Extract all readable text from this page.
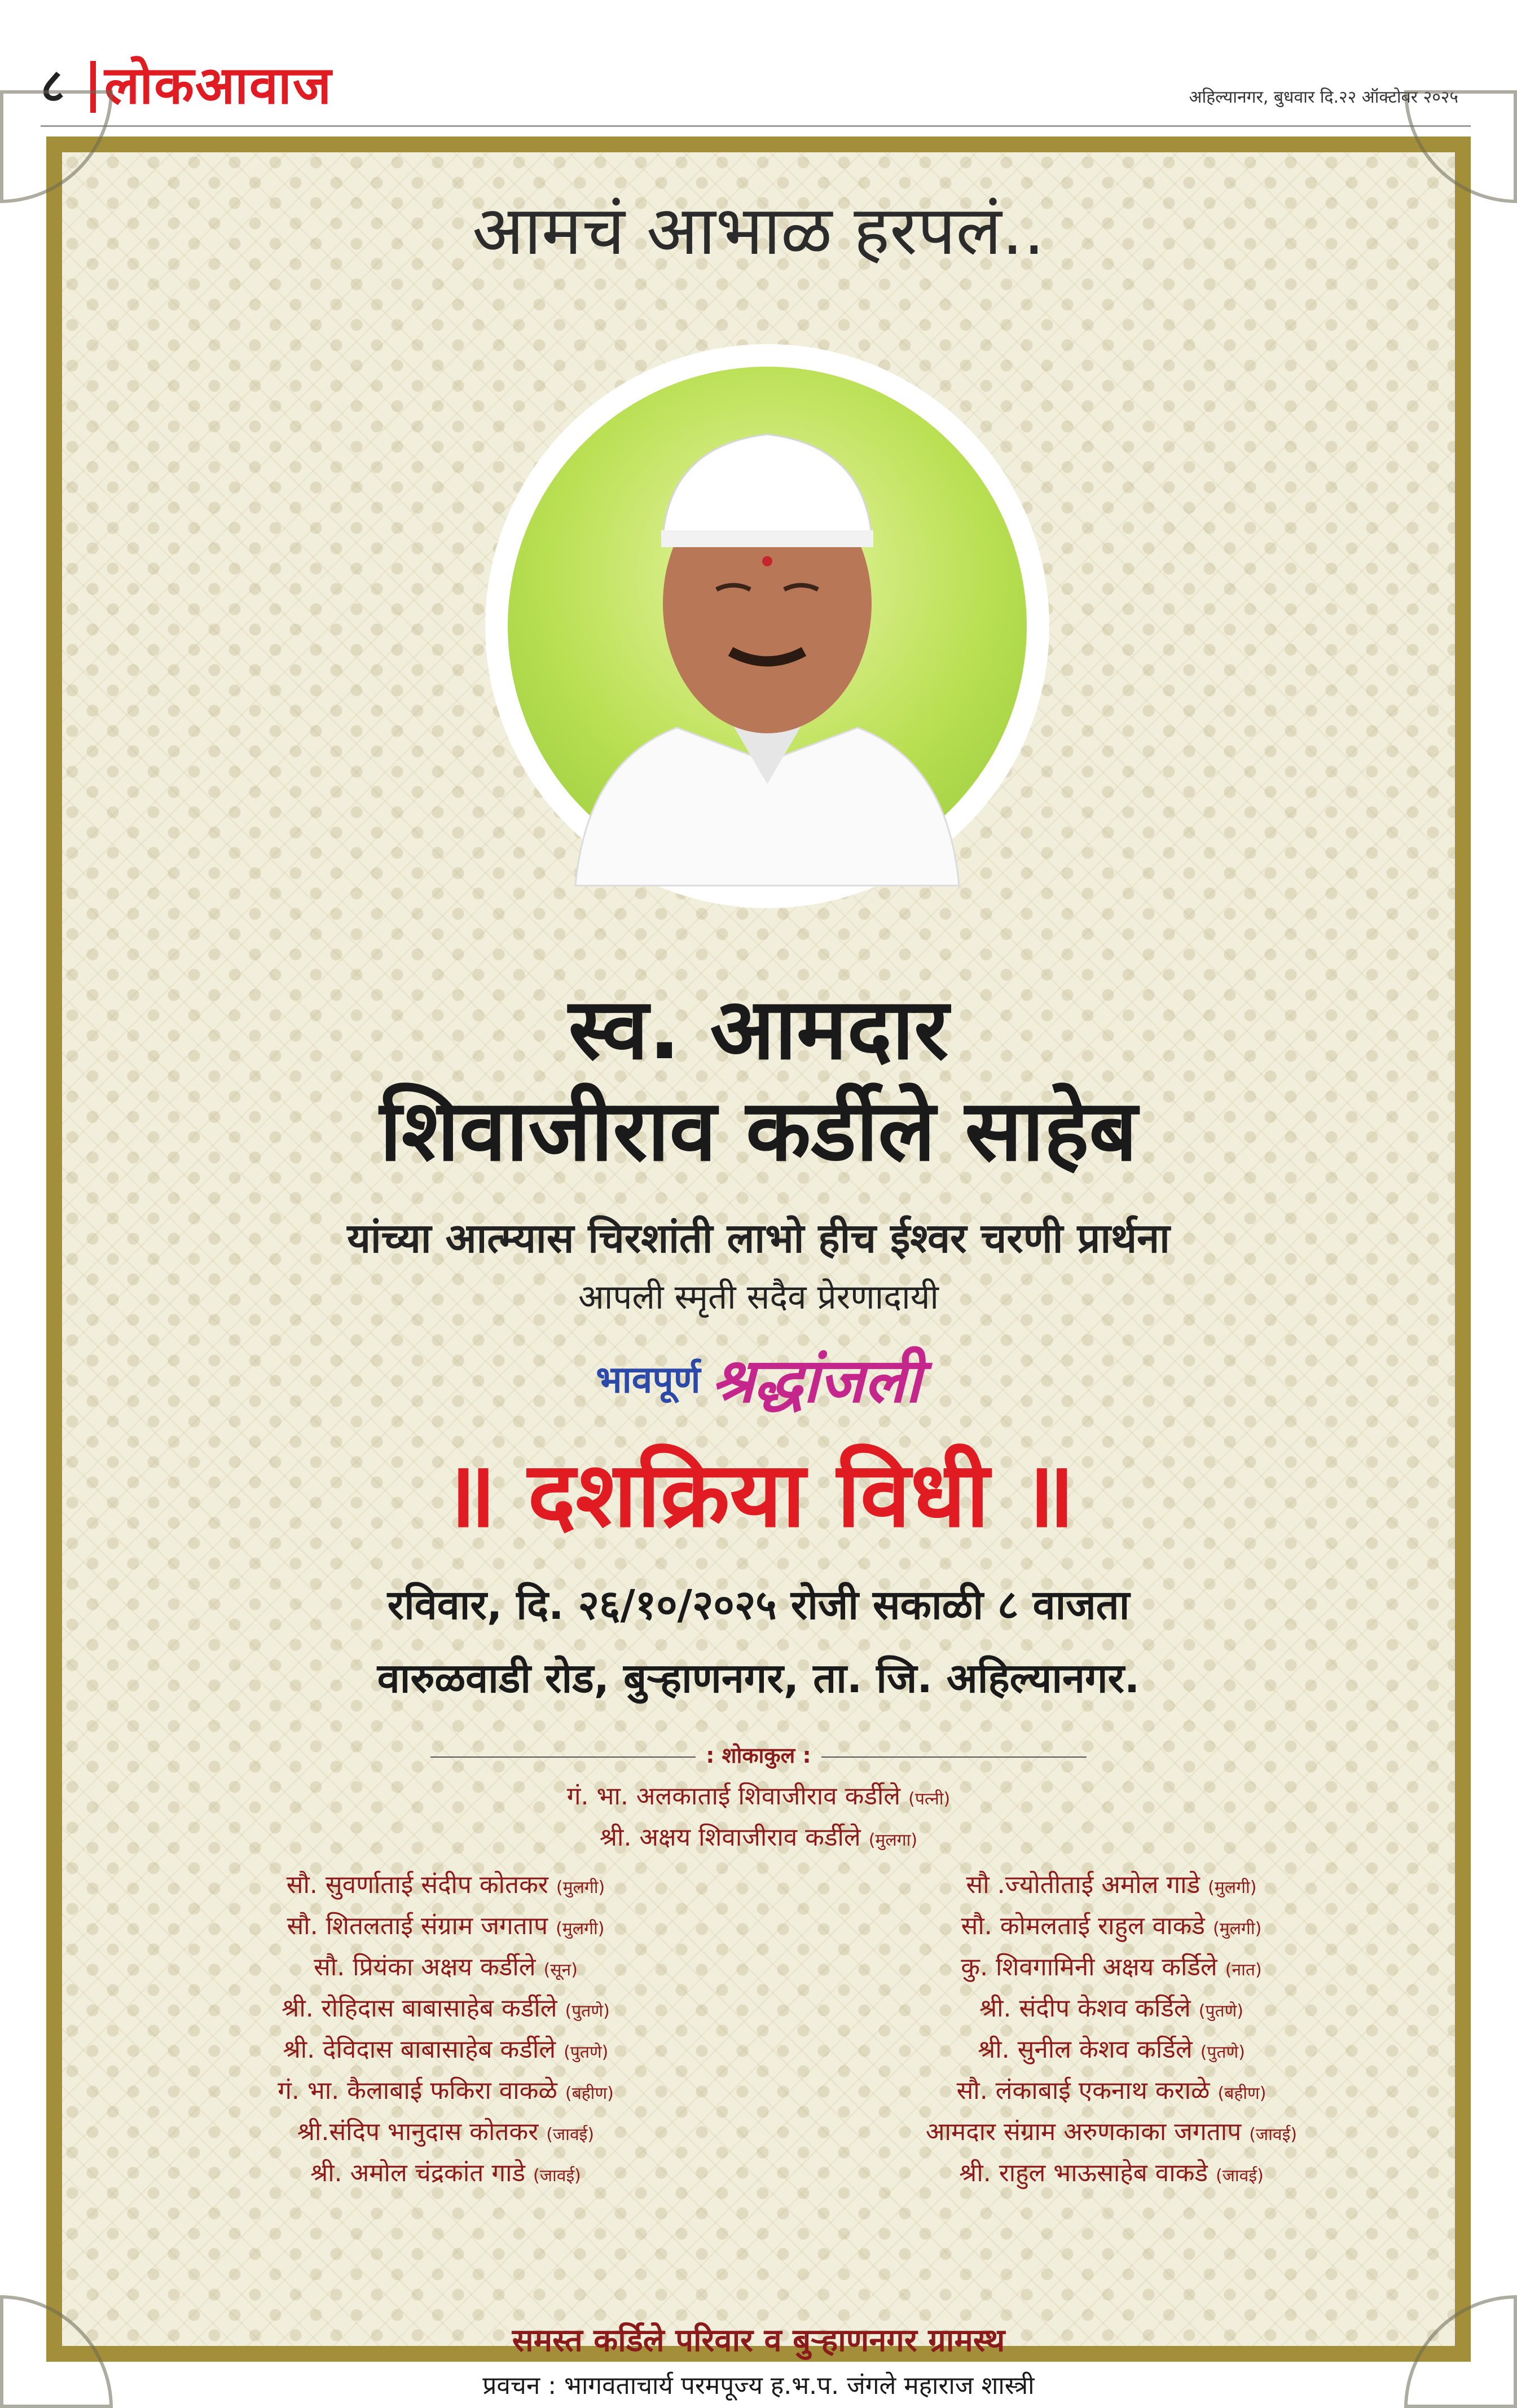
८ लोकआवाज	अहिल्यानगर, बुधवार दि.२२ ऑक्टोबर २०२५
आमचं आभाळ हरपलं..
स्व. आमदार
शिवाजीराव कर्डीले साहेब
यांच्या आत्म्यास चिरशांती लाभो हीच ईश्वर चरणी प्रार्थना
आपली स्मृती सदैव प्रेरणादायी
भावपूर्ण श्रद्धांजली
॥ दशक्रिया विधी ॥
रविवार, दि. २६/१०/२०२५ रोजी सकाळी ८ वाजता
वारुळवाडी रोड, बुऱ्हाणनगर, ता. जि. अहिल्यानगर.
: शोकाकुल :
गं. भा. अलकाताई शिवाजीराव कर्डीले (पत्नी)
श्री. अक्षय शिवाजीराव कर्डीले (मुलगा)
सौ. सुवर्णाताई संदीप कोतकर (मुलगी)
सौ. शितलताई संग्राम जगताप (मुलगी)
सौ. प्रियंका अक्षय कर्डीले (सून)
श्री. रोहिदास बाबासाहेब कर्डीले (पुतणे)
श्री. देविदास बाबासाहेब कर्डीले (पुतणे)
गं. भा. कैलाबाई फकिरा वाकळे (बहीण)
श्री.संदिप भानुदास कोतकर (जावई)
श्री. अमोल चंद्रकांत गाडे (जावई)
सौ .ज्योतीताई अमोल गाडे (मुलगी)
सौ. कोमलताई राहुल वाकडे (मुलगी)
कु. शिवगामिनी अक्षय कर्डिले (नात)
श्री. संदीप केशव कर्डिले (पुतणे)
श्री. सुनील केशव कर्डिले (पुतणे)
सौ. लंकाबाई एकनाथ कराळे (बहीण)
आमदार संग्राम अरुणकाका जगताप (जावई)
श्री. राहुल भाऊसाहेब वाकडे (जावई)
समस्त कर्डिले परिवार व बुऱ्हाणनगर ग्रामस्थ
प्रवचन : भागवताचार्य परमपूज्य ह.भ.प. जंगले महाराज शास्त्री
